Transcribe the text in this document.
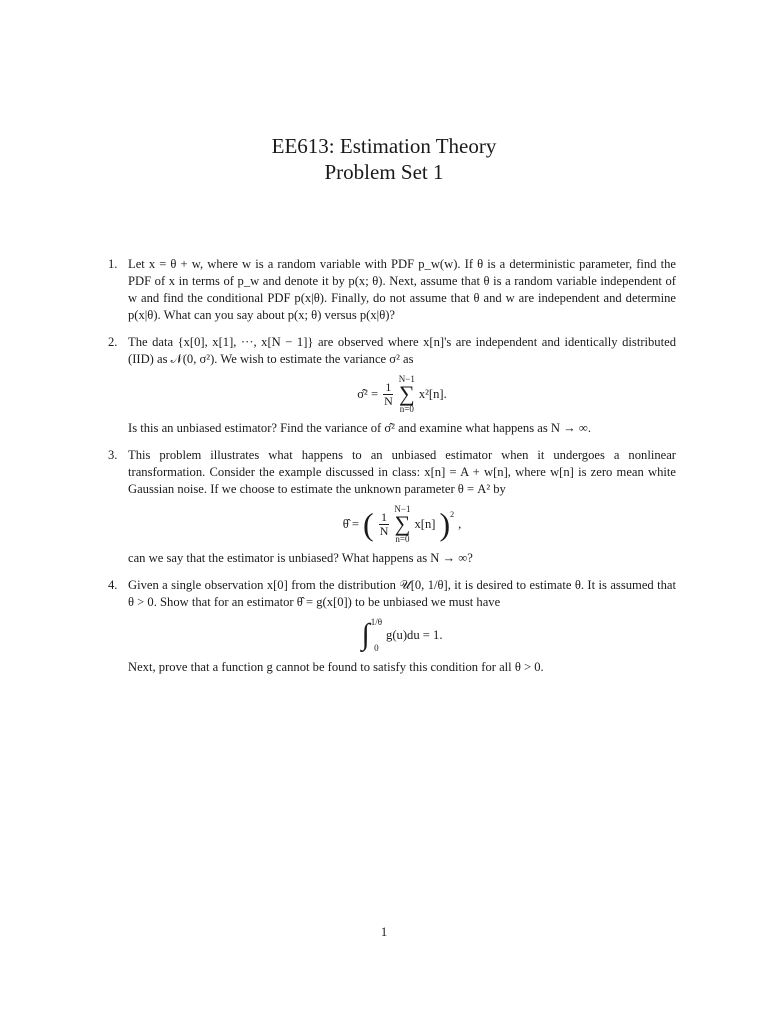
EE613: Estimation Theory
Problem Set 1
1. Let x = θ + w, where w is a random variable with PDF p_w(w). If θ is a deterministic parameter, find the PDF of x in terms of p_w and denote it by p(x; θ). Next, assume that θ is a random variable independent of w and find the conditional PDF p(x|θ). Finally, do not assume that θ and w are independent and determine p(x|θ). What can you say about p(x; θ) versus p(x|θ)?
2. The data {x[0], x[1], ···, x[N − 1]} are observed where x[n]'s are independent and identically distributed (IID) as 𝒩(0, σ²). We wish to estimate the variance σ² as
σ̂² = $\frac{1}{N}$
N−1
∑
n=0
x²[n].
Is this an unbiased estimator? Find the variance of σ̂² and examine what happens as N → ∞.
3. This problem illustrates what happens to an unbiased estimator when it undergoes a nonlinear transformation. Consider the example discussed in class: x[n] = A + w[n], where w[n] is zero mean white Gaussian noise. If we choose to estimate the unknown parameter θ = A² by
θ̂ = ( $\frac{1}{N}$
N−1
∑
n=0
x[n] )$^2$
,
can we say that the estimator is unbiased? What happens as N → ∞?
4. Given a single observation x[0] from the distribution 𝒰[0, 1/θ], it is desired to estimate θ. It is assumed that θ > 0. Show that for an estimator θ̂ = g(x[0]) to be unbiased we must have
∫ 1/θ
0
g(u)du = 1.
Next, prove that a function g cannot be found to satisfy this condition for all θ > 0.
1
